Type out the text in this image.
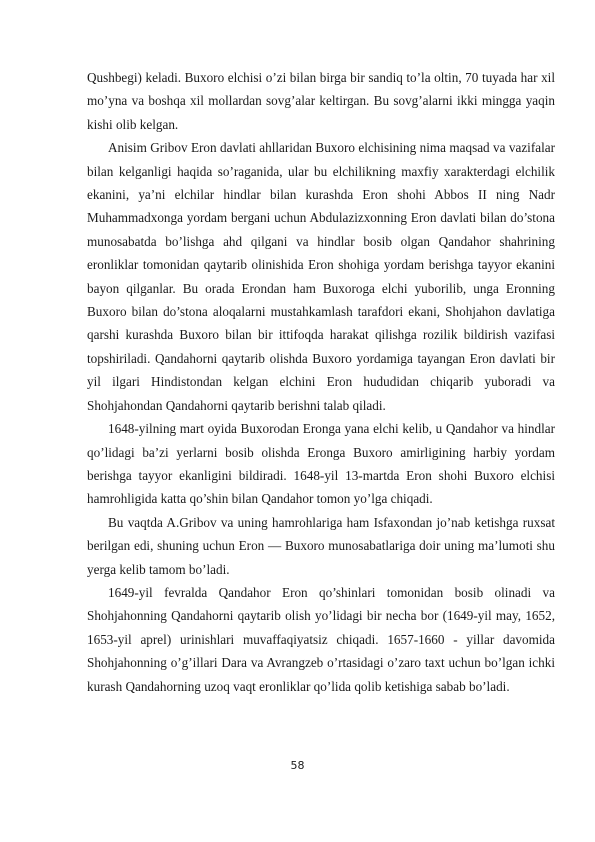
Qushbegi) keladi. Buxoro elchisi o’zi bilan birga bir sandiq to’la oltin, 70 tuyada har xil mo’yna va boshqa xil mollardan sovg’alar keltirgan. Bu sovg’alarni ikki mingga yaqin kishi olib kelgan.

Anisim Gribov Eron davlati ahllaridan Buxoro elchisining nima maqsad va vazifalar bilan kelganligi haqida so’raganida, ular bu elchilikning maxfiy xarakterdagi elchilik ekanini, ya’ni elchilar hindlar bilan kurashda Eron shohi Abbos II ning Nadr Muhammadxonga yordam bergani uchun Abdulazizxonning Eron davlati bilan do’stona munosabatda bo’lishga ahd qilgani va hindlar bosib olgan Qandahor shahrining eronliklar tomonidan qaytarib olinishida Eron shohiga yordam berishga tayyor ekanini bayon qilganlar. Bu orada Erondan ham Buxoroga elchi yuborilib, unga Eronning Buxoro bilan do’stona aloqalarni mustahkamlash tarafdori ekani, Shohjahon davlatiga qarshi kurashda Buxoro bilan bir ittifoqda harakat qilishga rozilik bildirish vazifasi topshiriladi. Qandahorni qaytarib olishda Buxoro yordamiga tayangan Eron davlati bir yil ilgari Hindistondan kelgan elchini Eron hududidan chiqarib yuboradi va Shohjahondan Qandahorni qaytarib berishni talab qiladi.

1648-yilning mart oyida Buxorodan Eronga yana elchi kelib, u Qandahor va hindlar qo’lidagi ba’zi yerlarni bosib olishda Eronga Buxoro amirligining harbiy yordam berishga tayyor ekanligini bildiradi. 1648-yil 13-martda Eron shohi Buxoro elchisi hamrohligida katta qo’shin bilan Qandahor tomon yo’lga chiqadi.

Bu vaqtda A.Gribov va uning hamrohlariga ham Isfaxondan jo’nab ketishga ruxsat berilgan edi, shuning uchun Eron — Buxoro munosabatlariga doir uning ma’lumoti shu yerga kelib tamom bo’ladi.

1649-yil fevralda Qandahor Eron qo’shinlari tomonidan bosib olinadi va Shohjahonning Qandahorni qaytarib olish yo’lidagi bir necha bor (1649-yil may, 1652, 1653-yil aprel) urinishlari muvaffaqiyatsiz chiqadi. 1657-1660 - yillar davomida Shohjahonning o’g’illari Dara va Avrangzeb o’rtasidagi o’zaro taxt uchun bo’lgan ichki kurash Qandahorning uzoq vaqt eronliklar qo’lida qolib ketishiga sabab bo’ladi.

58
